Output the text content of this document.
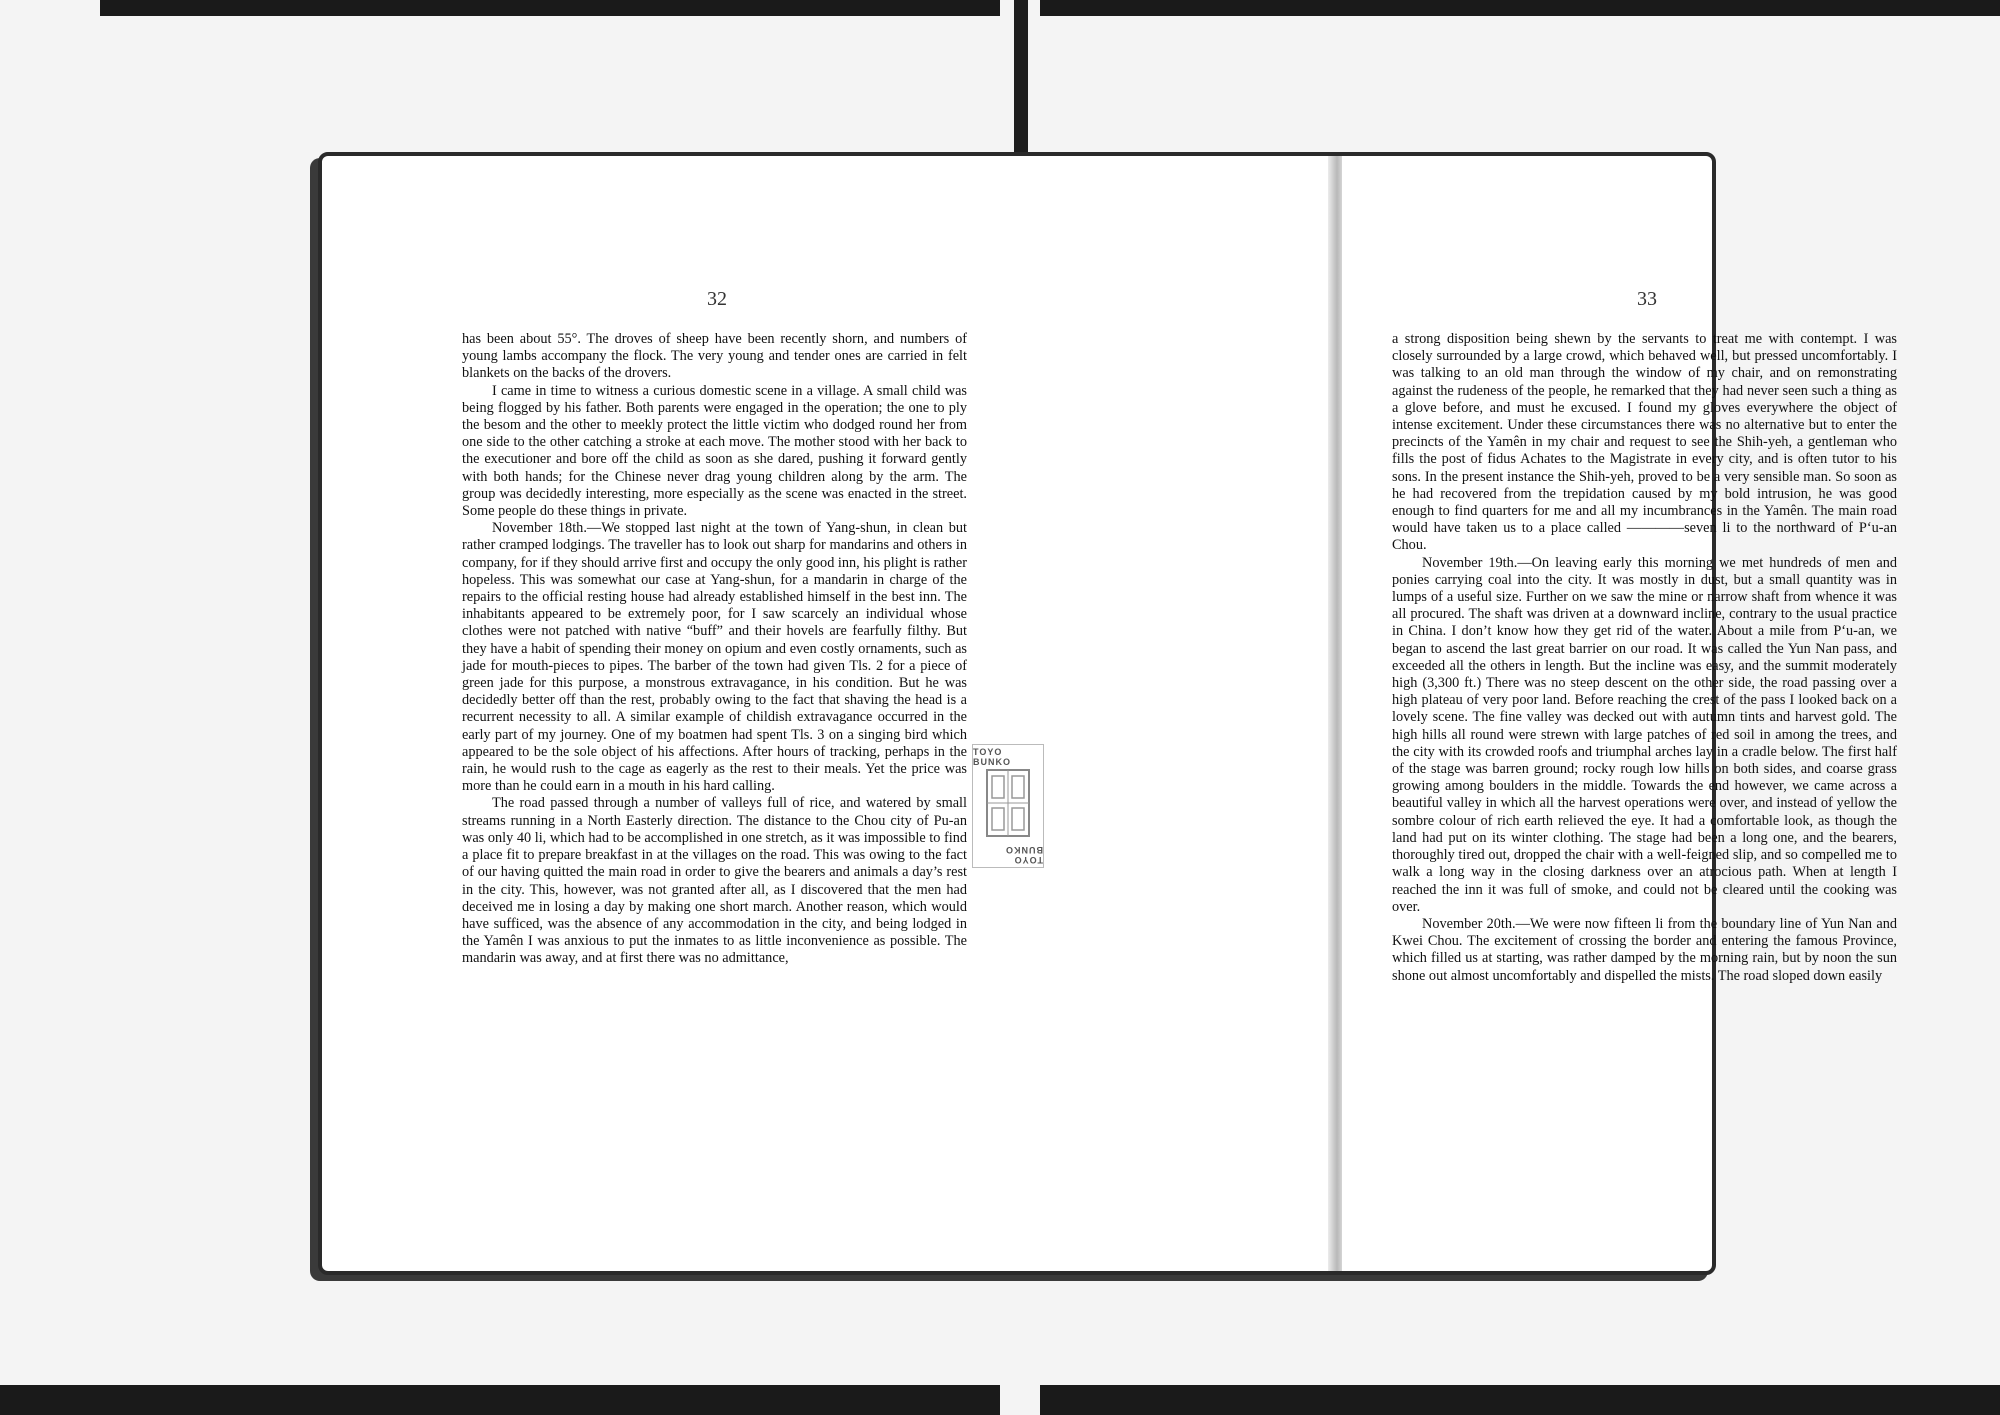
32

has been about 55°. The droves of sheep have been recently shorn, and numbers of young lambs accompany the flock. The very young and tender ones are carried in felt blankets on the backs of the drovers.

I came in time to witness a curious domestic scene in a village. A small child was being flogged by his father. Both parents were engaged in the operation; the one to ply the besom and the other to meekly protect the little victim who dodged round her from one side to the other catching a stroke at each move. The mother stood with her back to the executioner and bore off the child as soon as she dared, pushing it forward gently with both hands; for the Chinese never drag young children along by the arm. The group was decidedly interesting, more especially as the scene was enacted in the street. Some people do these things in private.

November 18th.—We stopped last night at the town of Yang-shun, in clean but rather cramped lodgings. The traveller has to look out sharp for mandarins and others in company, for if they should arrive first and occupy the only good inn, his plight is rather hopeless. This was somewhat our case at Yang-shun, for a mandarin in charge of the repairs to the official resting house had already established himself in the best inn. The inhabitants appeared to be extremely poor, for I saw scarcely an individual whose clothes were not patched with native “buff” and their hovels are fearfully filthy. But they have a habit of spending their money on opium and even costly ornaments, such as jade for mouth-pieces to pipes. The barber of the town had given Tls. 2 for a piece of green jade for this purpose, a monstrous extravagance, in his condition. But he was decidedly better off than the rest, probably owing to the fact that shaving the head is a recurrent necessity to all. A similar example of childish extravagance occurred in the early part of my journey. One of my boatmen had spent Tls. 3 on a singing bird which appeared to be the sole object of his affections. After hours of tracking, perhaps in the rain, he would rush to the cage as eagerly as the rest to their meals. Yet the price was more than he could earn in a mouth in his hard calling.

The road passed through a number of valleys full of rice, and watered by small streams running in a North Easterly direction. The distance to the Chou city of Pu-an was only 40 li, which had to be accomplished in one stretch, as it was impossible to find a place fit to prepare breakfast in at the villages on the road. This was owing to the fact of our having quitted the main road in order to give the bearers and animals a day’s rest in the city. This, however, was not granted after all, as I discovered that the men had deceived me in losing a day by making one short march. Another reason, which would have sufficed, was the absence of any accommodation in the city, and being lodged in the Yamên I was anxious to put the inmates to as little inconvenience as possible. The mandarin was away, and at first there was no admittance,

33

a strong disposition being shewn by the servants to treat me with contempt. I was closely surrounded by a large crowd, which behaved well, but pressed uncomfortably. I was talking to an old man through the window of my chair, and on remonstrating against the rudeness of the people, he remarked that they had never seen such a thing as a glove before, and must he excused. I found my gloves everywhere the object of intense excitement. Under these circumstances there was no alternative but to enter the precincts of the Yamên in my chair and request to see the Shih-yeh, a gentleman who fills the post of fidus Achates to the Magistrate in every city, and is often tutor to his sons. In the present instance the Shih-yeh, proved to be a very sensible man. So soon as he had recovered from the trepidation caused by my bold intrusion, he was good enough to find quarters for me and all my incumbrances in the Yamên. The main road would have taken us to a place called ————seven li to the northward of P‘u-an Chou.

November 19th.—On leaving early this morning we met hundreds of men and ponies carrying coal into the city. It was mostly in dust, but a small quantity was in lumps of a useful size. Further on we saw the mine or narrow shaft from whence it was all procured. The shaft was driven at a downward incline, contrary to the usual practice in China. I don’t know how they get rid of the water. About a mile from P‘u-an, we began to ascend the last great barrier on our road. It was called the Yun Nan pass, and exceeded all the others in length. But the incline was easy, and the summit moderately high (3,300 ft.) There was no steep descent on the other side, the road passing over a high plateau of very poor land. Before reaching the crest of the pass I looked back on a lovely scene. The fine valley was decked out with autumn tints and harvest gold. The high hills all round were strewn with large patches of red soil in among the trees, and the city with its crowded roofs and triumphal arches lay in a cradle below. The first half of the stage was barren ground; rocky rough low hills on both sides, and coarse grass growing among boulders in the middle. Towards the end however, we came across a beautiful valley in which all the harvest operations were over, and instead of yellow the sombre colour of rich earth relieved the eye. It had a comfortable look, as though the land had put on its winter clothing. The stage had been a long one, and the bearers, thoroughly tired out, dropped the chair with a well-feigned slip, and so compelled me to walk a long way in the closing darkness over an atrocious path. When at length I reached the inn it was full of smoke, and could not be cleared until the cooking was over.

November 20th.—We were now fifteen li from the boundary line of Yun Nan and Kwei Chou. The excitement of crossing the border and entering the famous Province, which filled us at starting, was rather damped by the morning rain, but by noon the sun shone out almost uncomfortably and dispelled the mists. The road sloped down easily

TOYO BUNKO
TOYO BUNKO
